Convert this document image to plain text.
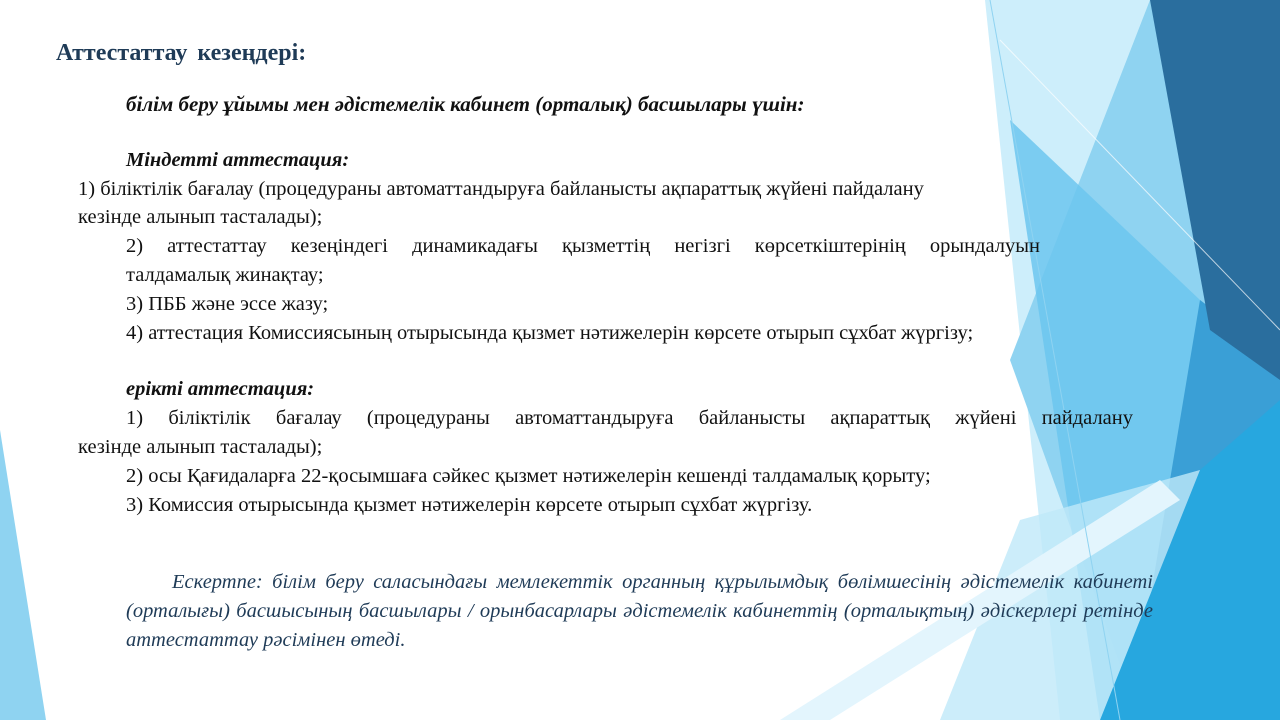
Аттестаттау кезеңдері:
білім беру ұйымы мен әдістемелік кабинет (орталық) басшылары үшін:
Міндетті аттестация:
1) біліктілік бағалау (процедураны автоматтандыруға байланысты ақпараттық жүйені пайдалану
кезінде алынып тасталады);
2) аттестаттау кезеңіндегі динамикадағы қызметтің негізгі көрсеткіштерінің орындалуын
талдамалық жинақтау;
3) ПББ және эссе жазу;
4) аттестация Комиссиясының отырысында қызмет нәтижелерін көрсете отырып сұхбат жүргізу;
ерікті аттестация:
1) біліктілік бағалау (процедураны автоматтандыруға байланысты ақпараттық жүйені пайдалану
кезінде алынып тасталады);
2) осы Қағидаларға 22-қосымшаға сәйкес қызмет нәтижелерін кешенді талдамалық қорыту;
3) Комиссия отырысында қызмет нәтижелерін көрсете отырып сұхбат жүргізу.
Ескертпе: білім беру саласындағы мемлекеттік органның құрылымдық бөлімшесінің әдістемелік кабинеті (орталығы) басшысының басшылары / орынбасарлары әдістемелік кабинеттің (орталықтың) әдіскерлері ретінде аттестаттау рәсімінен өтеді.
